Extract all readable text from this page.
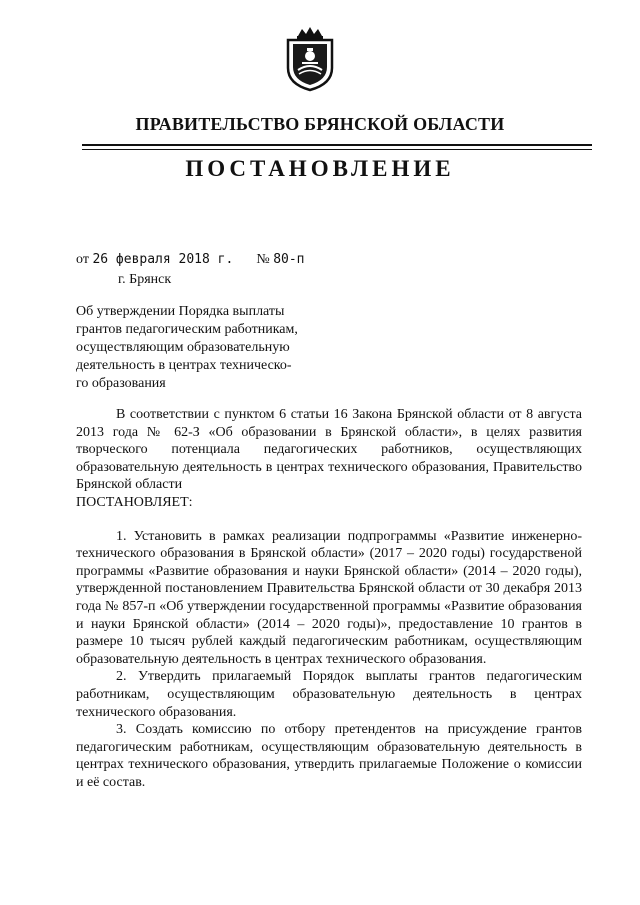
ПРАВИТЕЛЬСТВО БРЯНСКОЙ ОБЛАСТИ
ПОСТАНОВЛЕНИЕ
от 26 февраля 2018 г. № 80-п
г. Брянск
Об утверждении Порядка выплаты
грантов педагогическим работникам,
осуществляющим образовательную
деятельность в центрах техническо-
го образования

В соответствии с пунктом 6 статьи 16 Закона Брянской области от 8 августа 2013 года № 62-З «Об образовании в Брянской области», в целях развития творческого потенциала педагогических работников, осуществляющих образовательную деятельность в центрах технического образования, Правительство Брянской области

ПОСТАНОВЛЯЕТ:

1. Установить в рамках реализации подпрограммы «Развитие инженерно-технического образования в Брянской области» (2017 – 2020 годы) государственой программы «Развитие образования и науки Брянской области» (2014 – 2020 годы), утвержденной постановлением Правительства Брянской области от 30 декабря 2013 года № 857-п «Об утверждении государственной программы «Развитие образования и науки Брянской области» (2014 – 2020 годы)», предоставление 10 грантов в размере 10 тысяч рублей каждый педагогическим работникам, осуществляющим образовательную деятельность в центрах технического образования.

2. Утвердить прилагаемый Порядок выплаты грантов педагогическим работникам, осуществляющим образовательную деятельность в центрах технического образования.

3. Создать комиссию по отбору претендентов на присуждение грантов педагогическим работникам, осуществляющим образовательную деятельность в центрах технического образования, утвердить прилагаемые Положение о комиссии и её состав.
